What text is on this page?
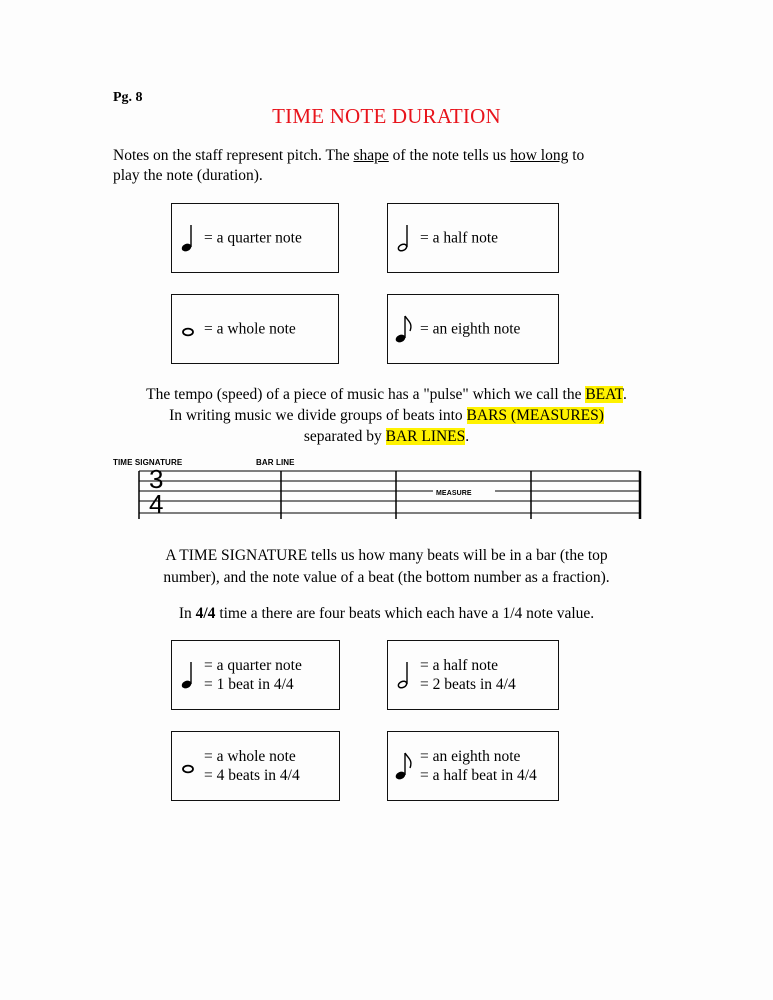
Pg. 8
TIME NOTE DURATION
Notes on the staff represent pitch. The shape of the note tells us how long to
play the note (duration).
= a quarter note	= a half note
= a whole note	= an eighth note
The tempo (speed) of a piece of music has a "pulse" which we call the BEAT.
In writing music we divide groups of beats into BARS (MEASURES)
separated by BAR LINES.
TIME SIGNATURE	BAR LINE
3
4	MEASURE
A TIME SIGNATURE tells us how many beats will be in a bar (the top
number), and the note value of a beat (the bottom number as a fraction).
In 4/4 time a there are four beats which each have a 1/4 note value.
= a quarter note
= 1 beat in 4/4
= a half note
= 2 beats in 4/4
= a whole note
= 4 beats in 4/4
= an eighth note
= a half beat in 4/4
